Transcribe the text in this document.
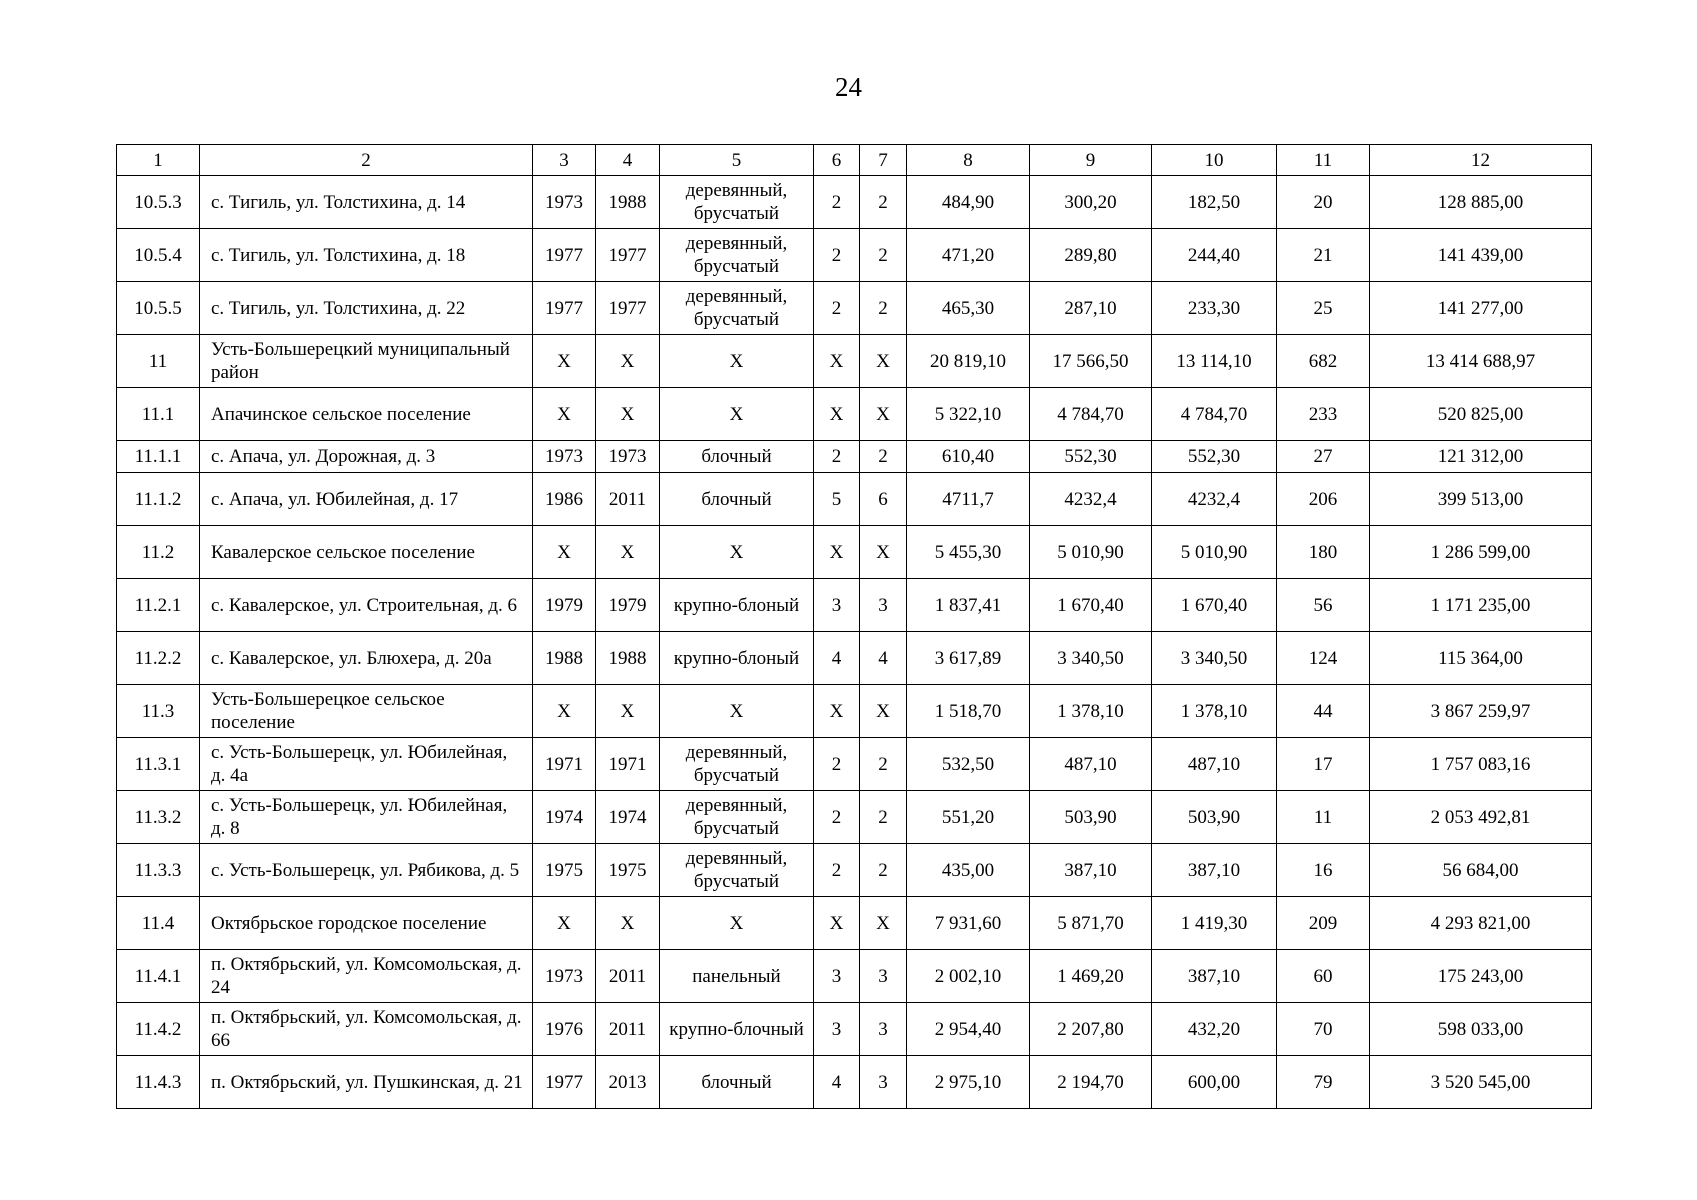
24
1	2	3	4	5	6	7	8	9	10	11	12
10.5.3	с. Тигиль, ул. Толстихина, д. 14	1973	1988	деревянный, брусчатый	2	2	484,90	300,20	182,50	20	128 885,00
10.5.4	с. Тигиль, ул. Толстихина, д. 18	1977	1977	деревянный, брусчатый	2	2	471,20	289,80	244,40	21	141 439,00
10.5.5	с. Тигиль, ул. Толстихина, д. 22	1977	1977	деревянный, брусчатый	2	2	465,30	287,10	233,30	25	141 277,00
11	Усть-Большерецкий муниципальный район	X	X	X	X	X	20 819,10	17 566,50	13 114,10	682	13 414 688,97
11.1	Апачинское сельское поселение	X	X	X	X	X	5 322,10	4 784,70	4 784,70	233	520 825,00
11.1.1	с. Апача, ул. Дорожная, д. 3	1973	1973	блочный	2	2	610,40	552,30	552,30	27	121 312,00
11.1.2	с. Апача, ул. Юбилейная, д. 17	1986	2011	блочный	5	6	4711,7	4232,4	4232,4	206	399 513,00
11.2	Кавалерское сельское поселение	X	X	X	X	X	5 455,30	5 010,90	5 010,90	180	1 286 599,00
11.2.1	с. Кавалерское, ул. Строительная, д. 6	1979	1979	крупно-блоный	3	3	1 837,41	1 670,40	1 670,40	56	1 171 235,00
11.2.2	с. Кавалерское, ул. Блюхера, д. 20а	1988	1988	крупно-блоный	4	4	3 617,89	3 340,50	3 340,50	124	115 364,00
11.3	Усть-Большерецкое сельское поселение	X	X	X	X	X	1 518,70	1 378,10	1 378,10	44	3 867 259,97
11.3.1	с. Усть-Большерецк, ул. Юбилейная, д. 4а	1971	1971	деревянный, брусчатый	2	2	532,50	487,10	487,10	17	1 757 083,16
11.3.2	с. Усть-Большерецк, ул. Юбилейная, д. 8	1974	1974	деревянный, брусчатый	2	2	551,20	503,90	503,90	11	2 053 492,81
11.3.3	с. Усть-Большерецк, ул. Рябикова, д. 5	1975	1975	деревянный, брусчатый	2	2	435,00	387,10	387,10	16	56 684,00
11.4	Октябрьское городское поселение	X	X	X	X	X	7 931,60	5 871,70	1 419,30	209	4 293 821,00
11.4.1	п. Октябрьский, ул. Комсомольская, д. 24	1973	2011	панельный	3	3	2 002,10	1 469,20	387,10	60	175 243,00
11.4.2	п. Октябрьский, ул. Комсомольская, д. 66	1976	2011	крупно-блочный	3	3	2 954,40	2 207,80	432,20	70	598 033,00
11.4.3	п. Октябрьский, ул. Пушкинская, д. 21	1977	2013	блочный	4	3	2 975,10	2 194,70	600,00	79	3 520 545,00
